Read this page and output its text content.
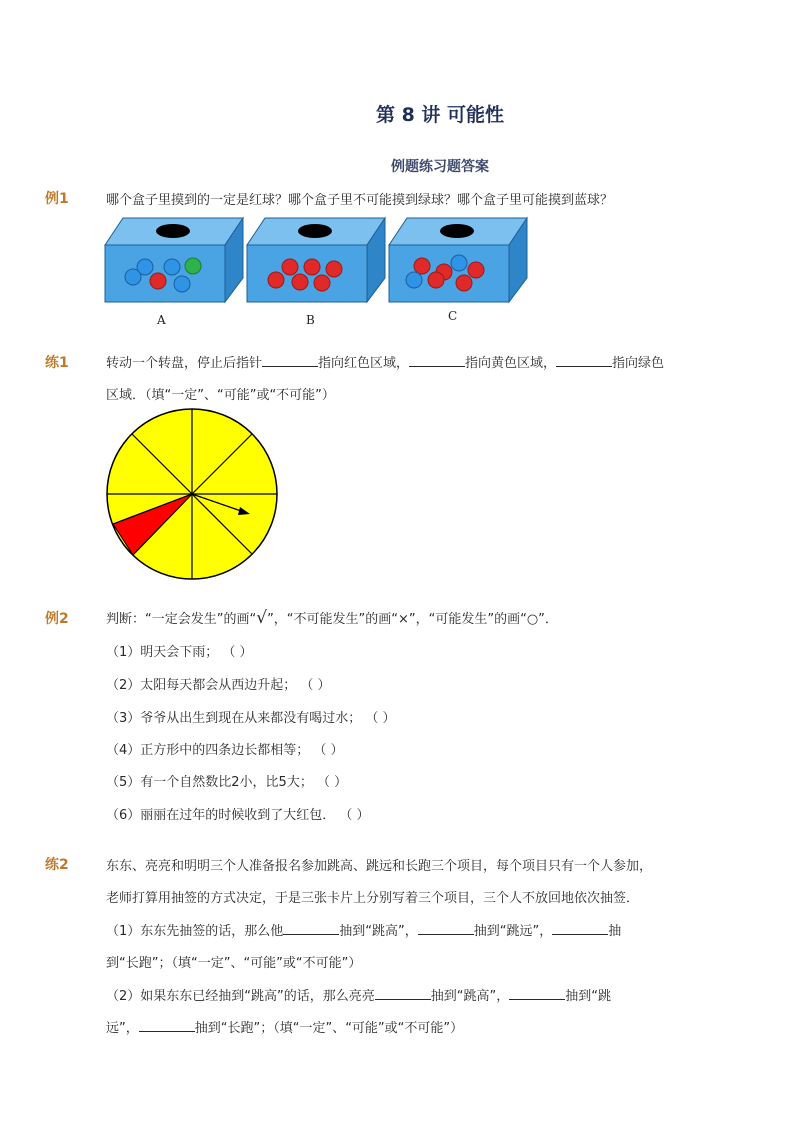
第 8 讲 可能性
例题练习题答案
例1	哪个盒子里摸到的一定是红球？哪个盒子里不可能摸到绿球？哪个盒子里可能摸到蓝球？
A	B	C
练1	转动一个转盘，停止后指针	指向红色区域，	指向黄色区域，	指向绿色
区域．（填“一定”、“可能”或“不可能”）
例2	判断：“一定会发生”的画“√”，“不可能发生”的画“×”，“可能发生”的画“○”．
（1）明天会下雨； （ ）
（2）太阳每天都会从西边升起； （ ）
（3）爷爷从出生到现在从来都没有喝过水； （ ）
（4）正方形中的四条边长都相等； （ ）
（5）有一个自然数比2小，比5大； （ ）
（6）丽丽在过年的时候收到了大红包． （ ）
练2	东东、亮亮和明明三个人准备报名参加跳高、跳远和长跑三个项目，每个项目只有一个人参加，
老师打算用抽签的方式决定，于是三张卡片上分别写着三个项目，三个人不放回地依次抽签．
（1）东东先抽签的话，那么他	抽到“跳高”，	抽到“跳远”，	抽
到“长跑”；（填“一定”、“可能”或“不可能”）
（2）如果东东已经抽到“跳高”的话，那么亮亮	抽到“跳高”，	抽到“跳
远”，	抽到“长跑”；（填“一定”、“可能”或“不可能”）
